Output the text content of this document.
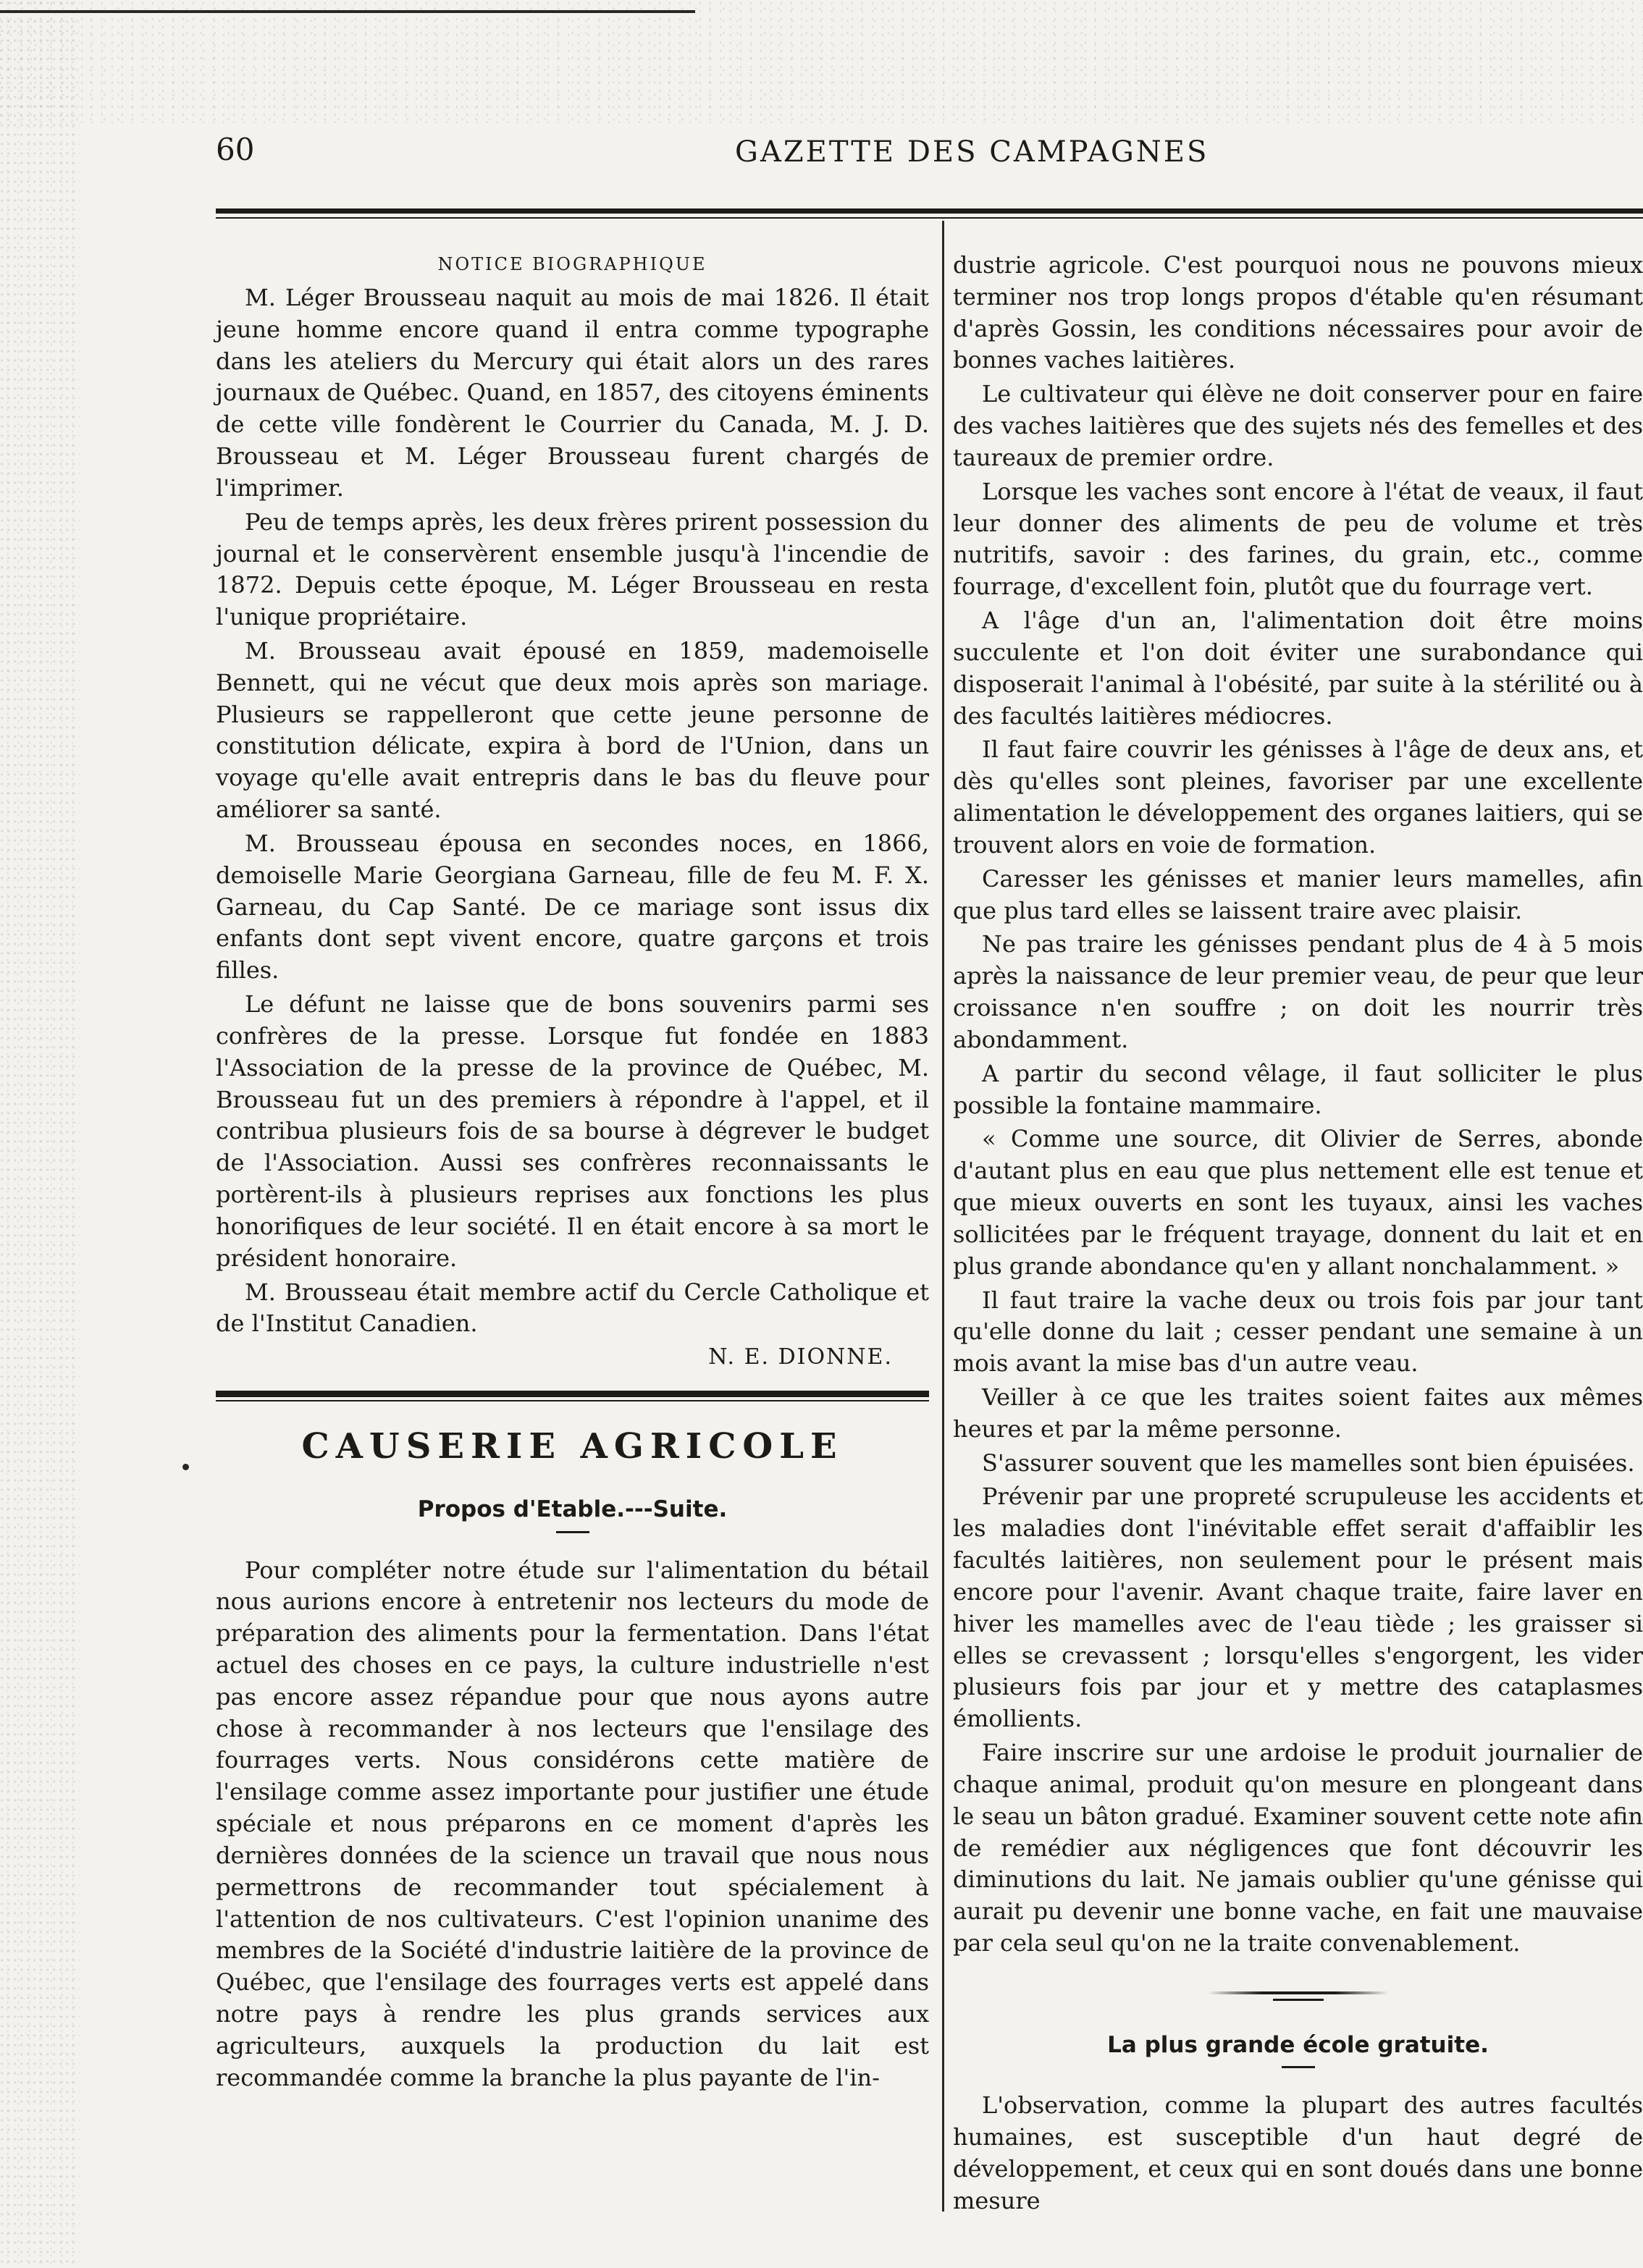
60	GAZETTE DES CAMPAGNES
NOTICE BIOGRAPHIQUE

M. Léger Brousseau naquit au mois de mai 1826. Il était jeune homme encore quand il entra comme typographe dans les ateliers du Mercury qui était alors un des rares journaux de Québec. Quand, en 1857, des citoyens éminents de cette ville fondèrent le Courrier du Canada, M. J. D. Brousseau et M. Léger Brousseau furent chargés de l'imprimer.

Peu de temps après, les deux frères prirent possession du journal et le conservèrent ensemble jusqu'à l'incendie de 1872. Depuis cette époque, M. Léger Brousseau en resta l'unique propriétaire.

M. Brousseau avait épousé en 1859, mademoiselle Bennett, qui ne vécut que deux mois après son mariage. Plusieurs se rappelleront que cette jeune personne de constitution délicate, expira à bord de l'Union, dans un voyage qu'elle avait entrepris dans le bas du fleuve pour améliorer sa santé.

M. Brousseau épousa en secondes noces, en 1866, demoiselle Marie Georgiana Garneau, fille de feu M. F. X. Garneau, du Cap Santé. De ce mariage sont issus dix enfants dont sept vivent encore, quatre garçons et trois filles.

Le défunt ne laisse que de bons souvenirs parmi ses confrères de la presse. Lorsque fut fondée en 1883 l'Association de la presse de la province de Québec, M. Brousseau fut un des premiers à répondre à l'appel, et il contribua plusieurs fois de sa bourse à dégrever le budget de l'Association. Aussi ses confrères reconnaissants le portèrent-ils à plusieurs reprises aux fonctions les plus honorifiques de leur société. Il en était encore à sa mort le président honoraire.

M. Brousseau était membre actif du Cercle Catholique et de l'Institut Canadien.

N. E. DIONNE.
CAUSERIE AGRICOLE
Propos d'Etable.---Suite.

Pour compléter notre étude sur l'alimentation du bétail nous aurions encore à entretenir nos lecteurs du mode de préparation des aliments pour la fermentation. Dans l'état actuel des choses en ce pays, la culture industrielle n'est pas encore assez répandue pour que nous ayons autre chose à recommander à nos lecteurs que l'ensilage des fourrages verts. Nous considérons cette matière de l'ensilage comme assez importante pour justifier une étude spéciale et nous préparons en ce moment d'après les dernières données de la science un travail que nous nous permettrons de recommander tout spécialement à l'attention de nos cultivateurs. C'est l'opinion unanime des membres de la Société d'industrie laitière de la province de Québec, que l'ensilage des fourrages verts est appelé dans notre pays à rendre les plus grands services aux agriculteurs, auxquels la production du lait est recommandée comme la branche la plus payante de l'in-

dustrie agricole. C'est pourquoi nous ne pouvons mieux terminer nos trop longs propos d'étable qu'en résumant d'après Gossin, les conditions nécessaires pour avoir de bonnes vaches laitières.

Le cultivateur qui élève ne doit conserver pour en faire des vaches laitières que des sujets nés des femelles et des taureaux de premier ordre.

Lorsque les vaches sont encore à l'état de veaux, il faut leur donner des aliments de peu de volume et très nutritifs, savoir : des farines, du grain, etc., comme fourrage, d'excellent foin, plutôt que du fourrage vert.

A l'âge d'un an, l'alimentation doit être moins succulente et l'on doit éviter une surabondance qui disposerait l'animal à l'obésité, par suite à la stérilité ou à des facultés laitières médiocres.

Il faut faire couvrir les génisses à l'âge de deux ans, et dès qu'elles sont pleines, favoriser par une excellente alimentation le développement des organes laitiers, qui se trouvent alors en voie de formation.

Caresser les génisses et manier leurs mamelles, afin que plus tard elles se laissent traire avec plaisir.

Ne pas traire les génisses pendant plus de 4 à 5 mois après la naissance de leur premier veau, de peur que leur croissance n'en souffre ; on doit les nourrir très abondamment.

A partir du second vêlage, il faut solliciter le plus possible la fontaine mammaire.

« Comme une source, dit Olivier de Serres, abonde d'autant plus en eau que plus nettement elle est tenue et que mieux ouverts en sont les tuyaux, ainsi les vaches sollicitées par le fréquent trayage, donnent du lait et en plus grande abondance qu'en y allant nonchalamment. »

Il faut traire la vache deux ou trois fois par jour tant qu'elle donne du lait ; cesser pendant une semaine à un mois avant la mise bas d'un autre veau.

Veiller à ce que les traites soient faites aux mêmes heures et par la même personne.

S'assurer souvent que les mamelles sont bien épuisées.

Prévenir par une propreté scrupuleuse les accidents et les maladies dont l'inévitable effet serait d'affaiblir les facultés laitières, non seulement pour le présent mais encore pour l'avenir. Avant chaque traite, faire laver en hiver les mamelles avec de l'eau tiède ; les graisser si elles se crevassent ; lorsqu'elles s'engorgent, les vider plusieurs fois par jour et y mettre des cataplasmes émollients.

Faire inscrire sur une ardoise le produit journalier de chaque animal, produit qu'on mesure en plongeant dans le seau un bâton gradué. Examiner souvent cette note afin de remédier aux négligences que font découvrir les diminutions du lait. Ne jamais oublier qu'une génisse qui aurait pu devenir une bonne vache, en fait une mauvaise par cela seul qu'on ne la traite convenablement.

La plus grande école gratuite.

L'observation, comme la plupart des autres facultés humaines, est susceptible d'un haut degré de développement, et ceux qui en sont doués dans une bonne mesure
